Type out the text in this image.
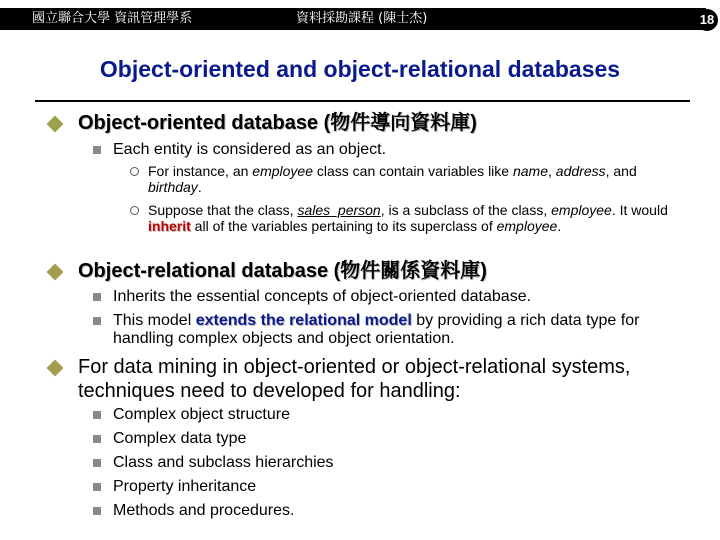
國立聯合大學 資訊管理學系	資料採勘課程 (陳士杰)	18
Object-oriented and object-relational databases
Object-oriented database (物件導向資料庫)
Each entity is considered as an object.
For instance, an employee class can contain variables like name, address, and birthday.
Suppose that the class, sales_person, is a subclass of the class, employee. It would inherit all of the variables pertaining to its superclass of employee.
Object-relational database (物件關係資料庫)
Inherits the essential concepts of object-oriented database.
This model extends the relational model by providing a rich data type for handling complex objects and object orientation.
For data mining in object-oriented or object-relational systems, techniques need to developed for handling:
Complex object structure
Complex data type
Class and subclass hierarchies
Property inheritance
Methods and procedures.
